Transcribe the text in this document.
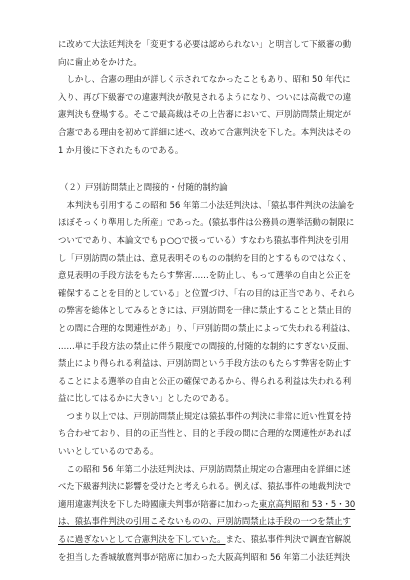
に改めて大法廷判決を「変更する必要は認められない」と明言して下級審の動
向に歯止めをかけた。
しかし、合憲の理由が詳しく示されてなかったこともあり、昭和 50 年代に
入り、再び下級審での違憲判決が散見されるようになり、ついには高裁での違
憲判決も登場する。そこで最高裁はその上告審において、戸別訪問禁止規定が
合憲である理由を初めて詳細に述べ、改めて合憲判決を下した。本判決はその
1 か月後に下されたものである。
（２）戸別訪問禁止と間接的・付随的制約論
本判決も引用するこの昭和 56 年第二小法廷判決は、「猿払事件判決の法論を
ほぼそっくり準用した所産」であった。(猿払事件は公務員の選挙活動の制限に
ついてであり、本論文でもｐ○○で扱っている）すなわち猿払事件判決を引用
し「戸別訪問の禁止は、意見表明そのものの制約を目的とするものではなく、
意見表明の手段方法をもたらす弊害……を防止し、もって選挙の自由と公正を
確保することを目的としている」と位置づけ、「右の目的は正当であり、それら
の弊害を総体としてみるときには、戸別訪問を一律に禁止することと禁止目的
との間に合理的な関連性があ」り、「戸別訪問の禁止によって失われる利益は、
……単に手段方法の禁止に伴う限度での間接的,付随的な制約にすぎない反面、
禁止により得られる利益は、戸別訪問という手段方法のもたらす弊害を防止す
ることによる選挙の自由と公正の確保であるから、得られる利益は失われる利
益に比してはるかに大きい」としたのである。
つまり以上では、戸別訪問禁止規定は猿払事件の判決に非常に近い性質を持
ち合わせており、目的の正当性と、目的と手段の間に合理的な関連性があれば
いいとしているのである。
この昭和 56 年第二小法廷判決は、戸別訪問禁止規定の合憲理由を詳細に述
べた下級審判決に影響を受けたと考えられる。例えば、猿払事件の地裁判決で
適用違憲判決を下した時國康夫判事が陪審に加わった東京高判昭和 53・5・30
は、猿払事件判決の引用こそないものの、戸別訪問禁止は手段の一つを禁止す
るに過ぎないとして合憲判決を下していた。また、猿払事件判決で調査官解説
を担当した香城敏麿判事が陪席に加わった大阪高判昭和 56 年第二小法廷判決
